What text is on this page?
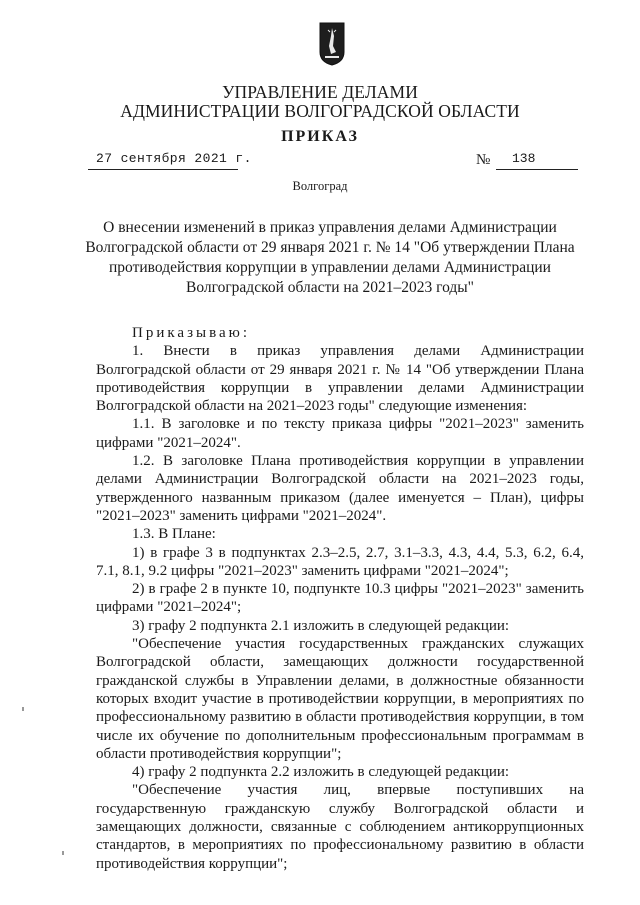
УПРАВЛЕНИЕ ДЕЛАМИ
АДМИНИСТРАЦИИ ВОЛГОГРАДСКОЙ ОБЛАСТИ
ПРИКАЗ
27 сентября 2021 г.	№ 138
Волгоград
О внесении изменений в приказ управления делами Администрации
Волгоградской области от 29 января 2021 г. № 14 "Об утверждении Плана
противодействия коррупции в управлении делами Администрации
Волгоградской области на 2021–2023 годы"

Приказываю:

1. Внести в приказ управления делами Администрации Волгоградской области от 29 января 2021 г. № 14 "Об утверждении Плана противодействия коррупции в управлении делами Администрации Волгоградской области на 2021–2023 годы" следующие изменения:

1.1. В заголовке и по тексту приказа цифры "2021–2023" заменить цифрами "2021–2024".

1.2. В заголовке Плана противодействия коррупции в управлении делами Администрации Волгоградской области на 2021–2023 годы, утвержденного названным приказом (далее именуется – План), цифры "2021–2023" заменить цифрами "2021–2024".

1.3. В Плане:

1) в графе 3 в подпунктах 2.3–2.5, 2.7, 3.1–3.3, 4.3, 4.4, 5.3, 6.2, 6.4, 7.1, 8.1, 9.2 цифры "2021–2023" заменить цифрами "2021–2024";

2) в графе 2 в пункте 10, подпункте 10.3 цифры "2021–2023" заменить цифрами "2021–2024";

3) графу 2 подпункта 2.1 изложить в следующей редакции:

"Обеспечение участия государственных гражданских служащих Волгоградской области, замещающих должности государственной гражданской службы в Управлении делами, в должностные обязанности которых входит участие в противодействии коррупции, в мероприятиях по профессиональному развитию в области противодействия коррупции, в том числе их обучение по дополнительным профессиональным программам в области противодействия коррупции";

4) графу 2 подпункта 2.2 изложить в следующей редакции:

"Обеспечение участия лиц, впервые поступивших на государственную гражданскую службу Волгоградской области и замещающих должности, связанные с соблюдением антикоррупционных стандартов, в мероприятиях по профессиональному развитию в области противодействия коррупции";
